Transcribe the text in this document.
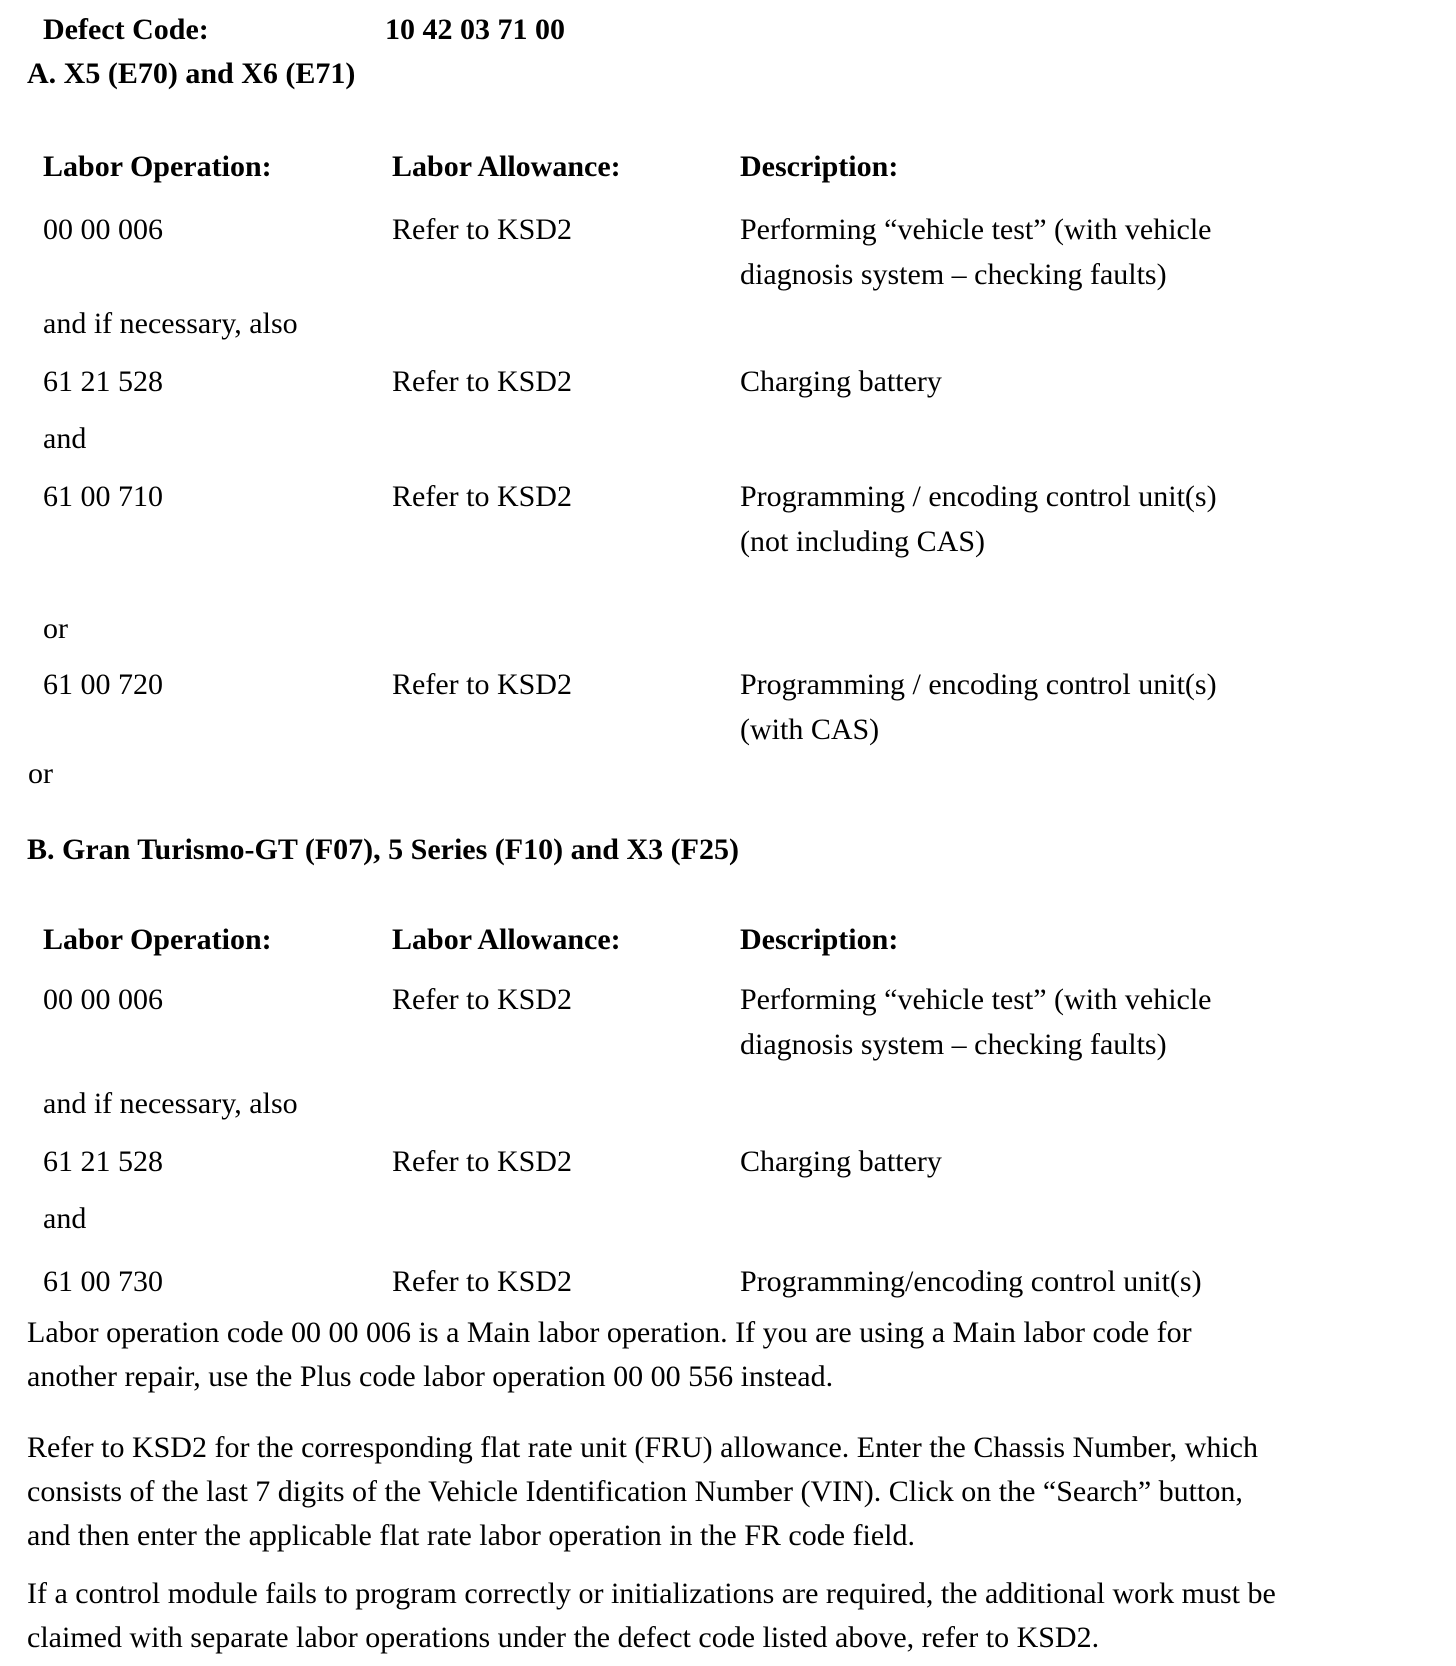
Defect Code:	10 42 03 71 00
A. X5 (E70) and X6 (E71)
Labor Operation:	Labor Allowance:	Description:
00 00 006	Refer to KSD2	Performing “vehicle test” (with vehicle
diagnosis system – checking faults)
and if necessary, also
61 21 528	Refer to KSD2	Charging battery
and
61 00 710	Refer to KSD2	Programming / encoding control unit(s)
(not including CAS)
or
61 00 720	Refer to KSD2	Programming / encoding control unit(s)
(with CAS)
or
B. Gran Turismo-GT (F07), 5 Series (F10) and X3 (F25)
Labor Operation:	Labor Allowance:	Description:
00 00 006	Refer to KSD2	Performing “vehicle test” (with vehicle
diagnosis system – checking faults)
and if necessary, also
61 21 528	Refer to KSD2	Charging battery
and
61 00 730	Refer to KSD2	Programming/encoding control unit(s)
Labor operation code 00 00 006 is a Main labor operation. If you are using a Main labor code for
another repair, use the Plus code labor operation 00 00 556 instead.
Refer to KSD2 for the corresponding flat rate unit (FRU) allowance. Enter the Chassis Number, which
consists of the last 7 digits of the Vehicle Identification Number (VIN). Click on the “Search” button,
and then enter the applicable flat rate labor operation in the FR code field.
If a control module fails to program correctly or initializations are required, the additional work must be
claimed with separate labor operations under the defect code listed above, refer to KSD2.
